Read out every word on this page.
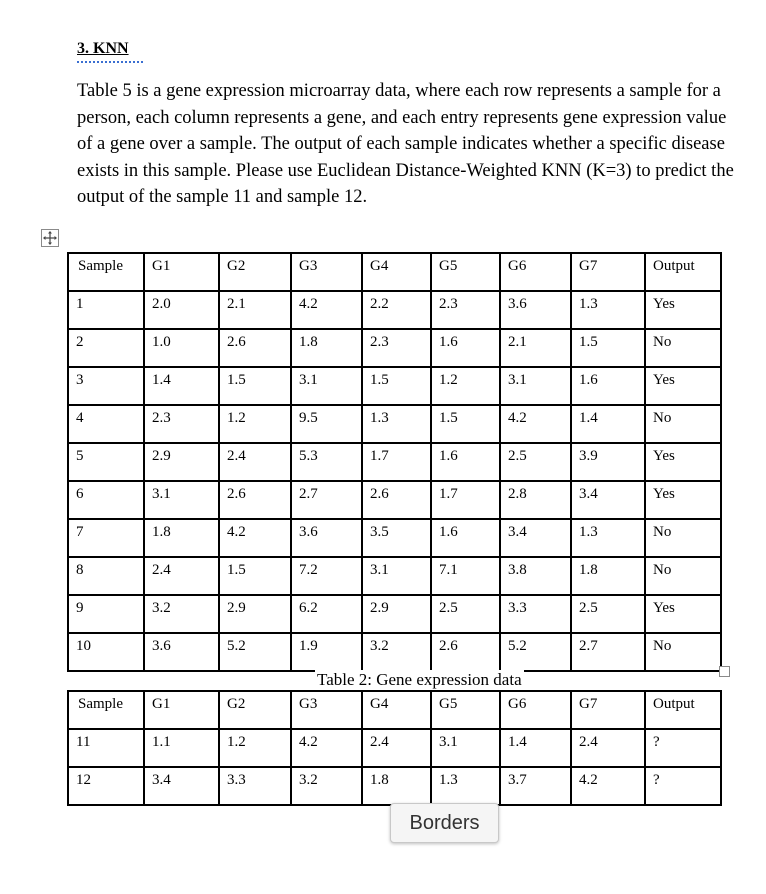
3. KNN
Table 5 is a gene expression microarray data, where each row represents a sample for a person, each column represents a gene, and each entry represents gene expression value of a gene over a sample. The output of each sample indicates whether a specific disease exists in this sample. Please use Euclidean Distance-Weighted KNN (K=3) to predict the output of the sample 11 and sample 12.
Sample	G1	G2	G3	G4	G5	G6	G7	Output
1	2.0	2.1	4.2	2.2	2.3	3.6	1.3	Yes
2	1.0	2.6	1.8	2.3	1.6	2.1	1.5	No
3	1.4	1.5	3.1	1.5	1.2	3.1	1.6	Yes
4	2.3	1.2	9.5	1.3	1.5	4.2	1.4	No
5	2.9	2.4	5.3	1.7	1.6	2.5	3.9	Yes
6	3.1	2.6	2.7	2.6	1.7	2.8	3.4	Yes
7	1.8	4.2	3.6	3.5	1.6	3.4	1.3	No
8	2.4	1.5	7.2	3.1	7.1	3.8	1.8	No
9	3.2	2.9	6.2	2.9	2.5	3.3	2.5	Yes
10	3.6	5.2	1.9	3.2	2.6	5.2	2.7	No
Table 2: Gene expression data
Sample	G1	G2	G3	G4	G5	G6	G7	Output
11	1.1	1.2	4.2	2.4	3.1	1.4	2.4	?
12	3.4	3.3	3.2	1.8	1.3	3.7	4.2	?
Borders
